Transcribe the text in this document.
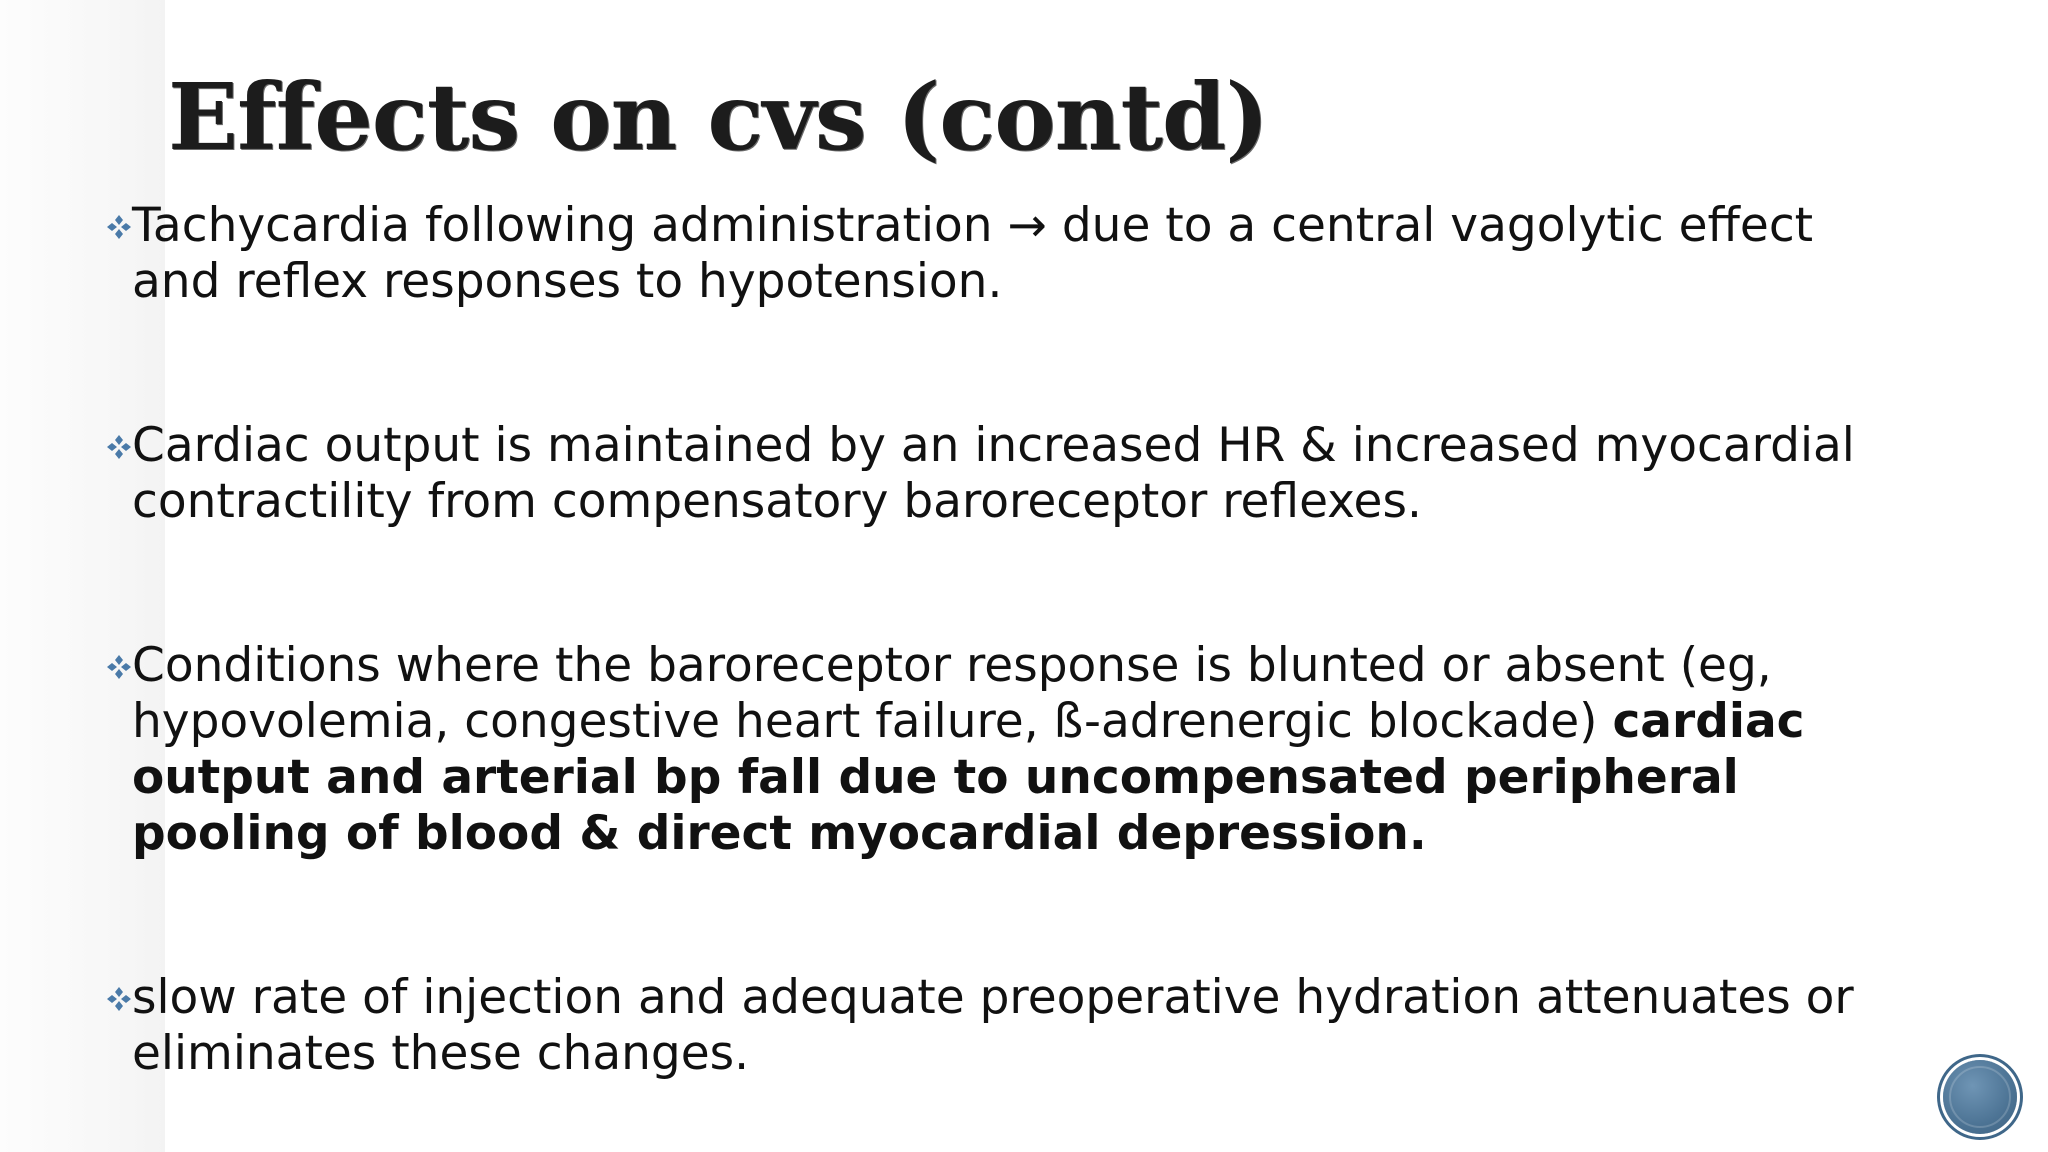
Effects on cvs (contd)
Tachycardia following administration → due to a central vagolytic effect and reflex responses to hypotension.
Cardiac output is maintained by an increased HR & increased myocardial contractility from compensatory baroreceptor reflexes.
Conditions where the baroreceptor response is blunted or absent (eg, hypovolemia, congestive heart failure, ß-adrenergic blockade) cardiac output and arterial bp fall due to uncompensated peripheral pooling of blood & direct myocardial depression.
slow rate of injection and adequate preoperative hydration attenuates or eliminates these changes.
